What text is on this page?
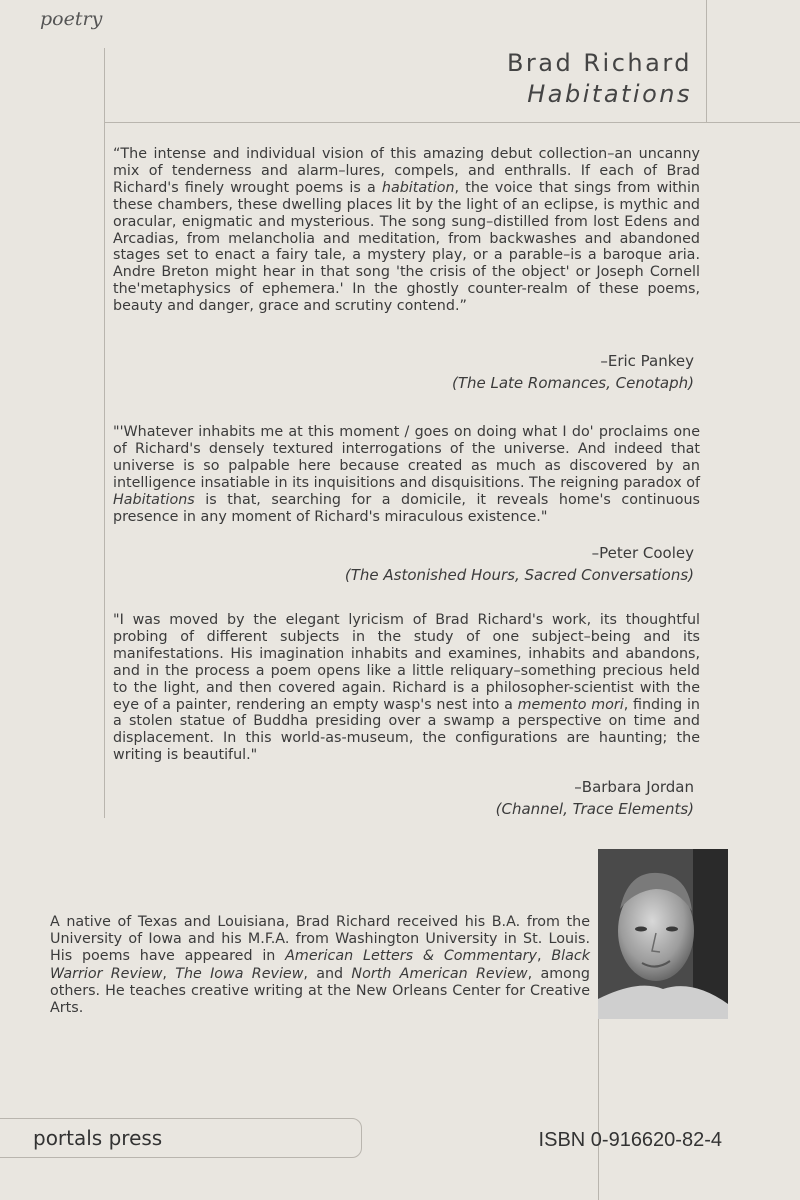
poetry
Brad Richard
Habitations
“The intense and individual vision of this amazing debut collection–an uncanny mix of tenderness and alarm–lures, compels, and enthralls. If each of Brad Richard's finely wrought poems is a habitation, the voice that sings from within these chambers, these dwelling places lit by the light of an eclipse, is mythic and oracular, enigmatic and mysterious. The song sung–distilled from lost Edens and Arcadias, from melancholia and meditation, from backwashes and abandoned stages set to enact a fairy tale, a mystery play, or a parable–is a baroque aria. Andre Breton might hear in that song 'the crisis of the object' or Joseph Cornell the'metaphysics of ephemera.' In the ghostly counter-realm of these poems, beauty and danger, grace and scrutiny contend.”
–Eric Pankey
(The Late Romances, Cenotaph)
"'Whatever inhabits me at this moment / goes on doing what I do' proclaims one of Richard's densely textured interrogations of the universe. And indeed that universe is so palpable here because created as much as discovered by an intelligence insatiable in its inquisitions and disquisitions. The reigning paradox of Habitations is that, searching for a domicile, it reveals home's continuous presence in any moment of Richard's miraculous existence."
–Peter Cooley
(The Astonished Hours, Sacred Conversations)
"I was moved by the elegant lyricism of Brad Richard's work, its thoughtful probing of different subjects in the study of one subject–being and its manifestations. His imagination inhabits and examines, inhabits and abandons, and in the process a poem opens like a little reliquary–something precious held to the light, and then covered again. Richard is a philosopher-scientist with the eye of a painter, rendering an empty wasp's nest into a memento mori, finding in a stolen statue of Buddha presiding over a swamp a perspective on time and displacement. In this world-as-museum, the configurations are haunting; the writing is beautiful."
–Barbara Jordan
(Channel, Trace Elements)
A native of Texas and Louisiana, Brad Richard received his B.A. from the University of Iowa and his M.F.A. from Washington University in St. Louis. His poems have appeared in American Letters & Commentary, Black Warrior Review, The Iowa Review, and North American Review, among others. He teaches creative writing at the New Orleans Center for Creative Arts.
portals press	ISBN 0-916620-82-4
